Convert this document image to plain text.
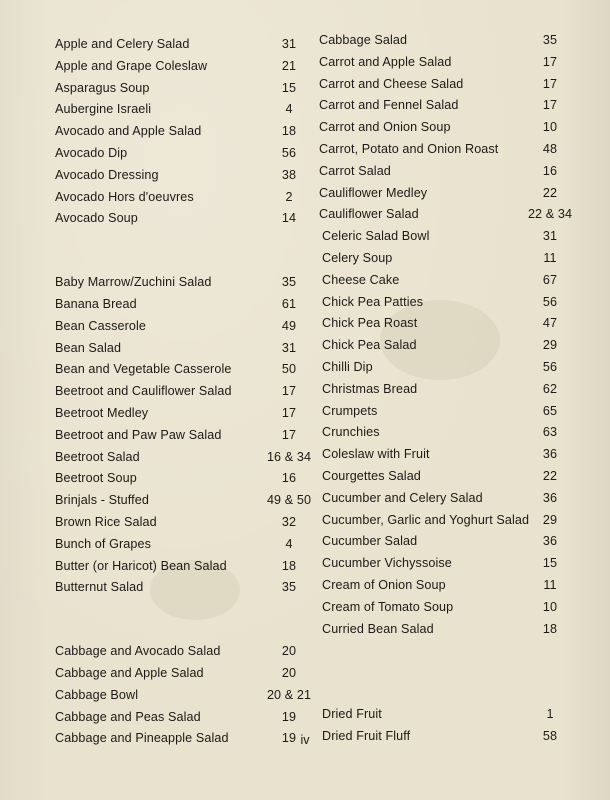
Apple and Celery Salad	31
Apple and Grape Coleslaw	21
Asparagus Soup	15
Aubergine Israeli	4
Avocado and Apple Salad	18
Avocado Dip	56
Avocado Dressing	38
Avocado Hors d'oeuvres	2
Avocado Soup	14
Baby Marrow/Zuchini Salad	35
Banana Bread	61
Bean Casserole	49
Bean Salad	31
Bean and Vegetable Casserole	50
Beetroot and Cauliflower Salad	17
Beetroot Medley	17
Beetroot and Paw Paw Salad	17
Beetroot Salad	16 & 34
Beetroot Soup	16
Brinjals - Stuffed	49 & 50
Brown Rice Salad	32
Bunch of Grapes	4
Butter (or Haricot) Bean Salad	18
Butternut Salad	35
Cabbage and Avocado Salad	20
Cabbage and Apple Salad	20
Cabbage Bowl	20 & 21
Cabbage and Peas Salad	19
Cabbage and Pineapple Salad	19
Cabbage Salad	35
Carrot and Apple Salad	17
Carrot and Cheese Salad	17
Carrot and Fennel Salad	17
Carrot and Onion Soup	10
Carrot, Potato and Onion Roast	48
Carrot Salad	16
Cauliflower Medley	22
Cauliflower Salad	22 & 34
Celeric Salad Bowl	31
Celery Soup	11
Cheese Cake	67
Chick Pea Patties	56
Chick Pea Roast	47
Chick Pea Salad	29
Chilli Dip	56
Christmas Bread	62
Crumpets	65
Crunchies	63
Coleslaw with Fruit	36
Courgettes Salad	22
Cucumber and Celery Salad	36
Cucumber, Garlic and Yoghurt Salad	29
Cucumber Salad	36
Cucumber Vichyssoise	15
Cream of Onion Soup	11
Cream of Tomato Soup	10
Curried Bean Salad	18
Dried Fruit	1
Dried Fruit Fluff	58
iv
